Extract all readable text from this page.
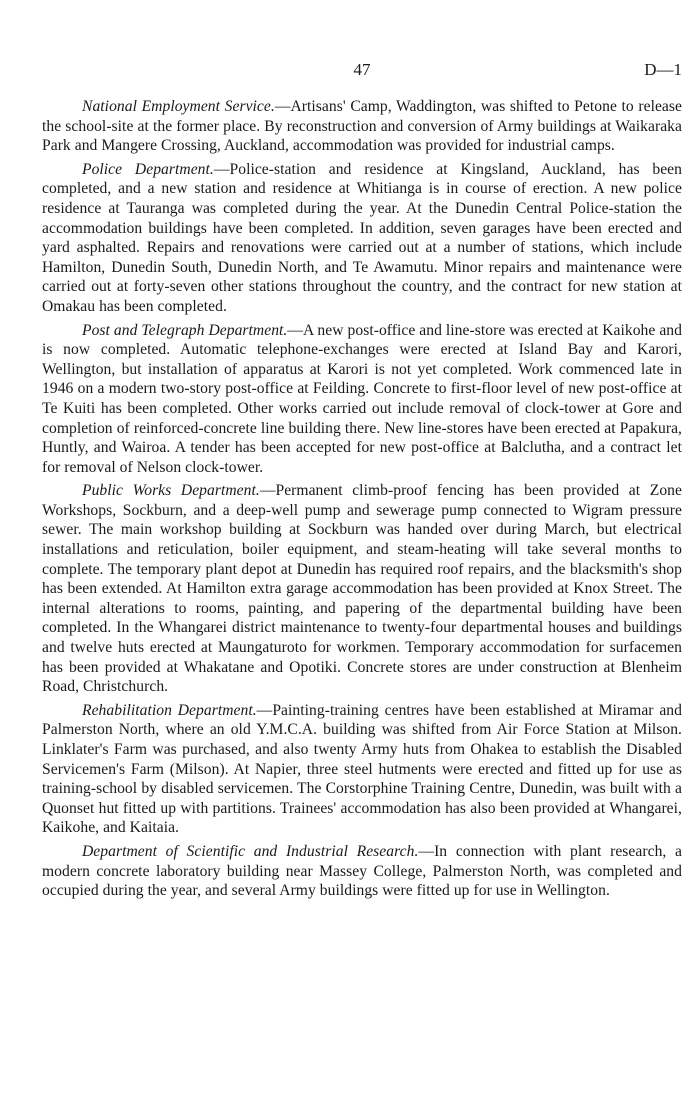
47	D—1

National Employment Service.—Artisans' Camp, Waddington, was shifted to Petone to release the school-site at the former place. By reconstruction and conversion of Army buildings at Waikaraka Park and Mangere Crossing, Auckland, accommodation was provided for industrial camps.

Police Department.—Police-station and residence at Kingsland, Auckland, has been completed, and a new station and residence at Whitianga is in course of erection. A new police residence at Tauranga was completed during the year. At the Dunedin Central Police-station the accommodation buildings have been completed. In addition, seven garages have been erected and yard asphalted. Repairs and renovations were carried out at a number of stations, which include Hamilton, Dunedin South, Dunedin North, and Te Awamutu. Minor repairs and maintenance were carried out at forty-seven other stations throughout the country, and the contract for new station at Omakau has been completed.

Post and Telegraph Department.—A new post-office and line-store was erected at Kaikohe and is now completed. Automatic telephone-exchanges were erected at Island Bay and Karori, Wellington, but installation of apparatus at Karori is not yet completed. Work commenced late in 1946 on a modern two-story post-office at Feilding. Concrete to first-floor level of new post-office at Te Kuiti has been completed. Other works carried out include removal of clock-tower at Gore and completion of reinforced-concrete line building there. New line-stores have been erected at Papakura, Huntly, and Wairoa. A tender has been accepted for new post-office at Balclutha, and a contract let for removal of Nelson clock-tower.

Public Works Department.—Permanent climb-proof fencing has been provided at Zone Workshops, Sockburn, and a deep-well pump and sewerage pump connected to Wigram pressure sewer. The main workshop building at Sockburn was handed over during March, but electrical installations and reticulation, boiler equipment, and steam-heating will take several months to complete. The temporary plant depot at Dunedin has required roof repairs, and the blacksmith's shop has been extended. At Hamilton extra garage accommodation has been provided at Knox Street. The internal alterations to rooms, painting, and papering of the departmental building have been completed. In the Whangarei district maintenance to twenty-four departmental houses and buildings and twelve huts erected at Maungaturoto for workmen. Temporary accommodation for surfacemen has been provided at Whakatane and Opotiki. Concrete stores are under construction at Blenheim Road, Christchurch.

Rehabilitation Department.—Painting-training centres have been established at Miramar and Palmerston North, where an old Y.M.C.A. building was shifted from Air Force Station at Milson. Linklater's Farm was purchased, and also twenty Army huts from Ohakea to establish the Disabled Servicemen's Farm (Milson). At Napier, three steel hutments were erected and fitted up for use as training-school by disabled servicemen. The Corstorphine Training Centre, Dunedin, was built with a Quonset hut fitted up with partitions. Trainees' accommodation has also been provided at Whangarei, Kaikohe, and Kaitaia.

Department of Scientific and Industrial Research.—In connection with plant research, a modern concrete laboratory building near Massey College, Palmerston North, was completed and occupied during the year, and several Army buildings were fitted up for use in Wellington.
